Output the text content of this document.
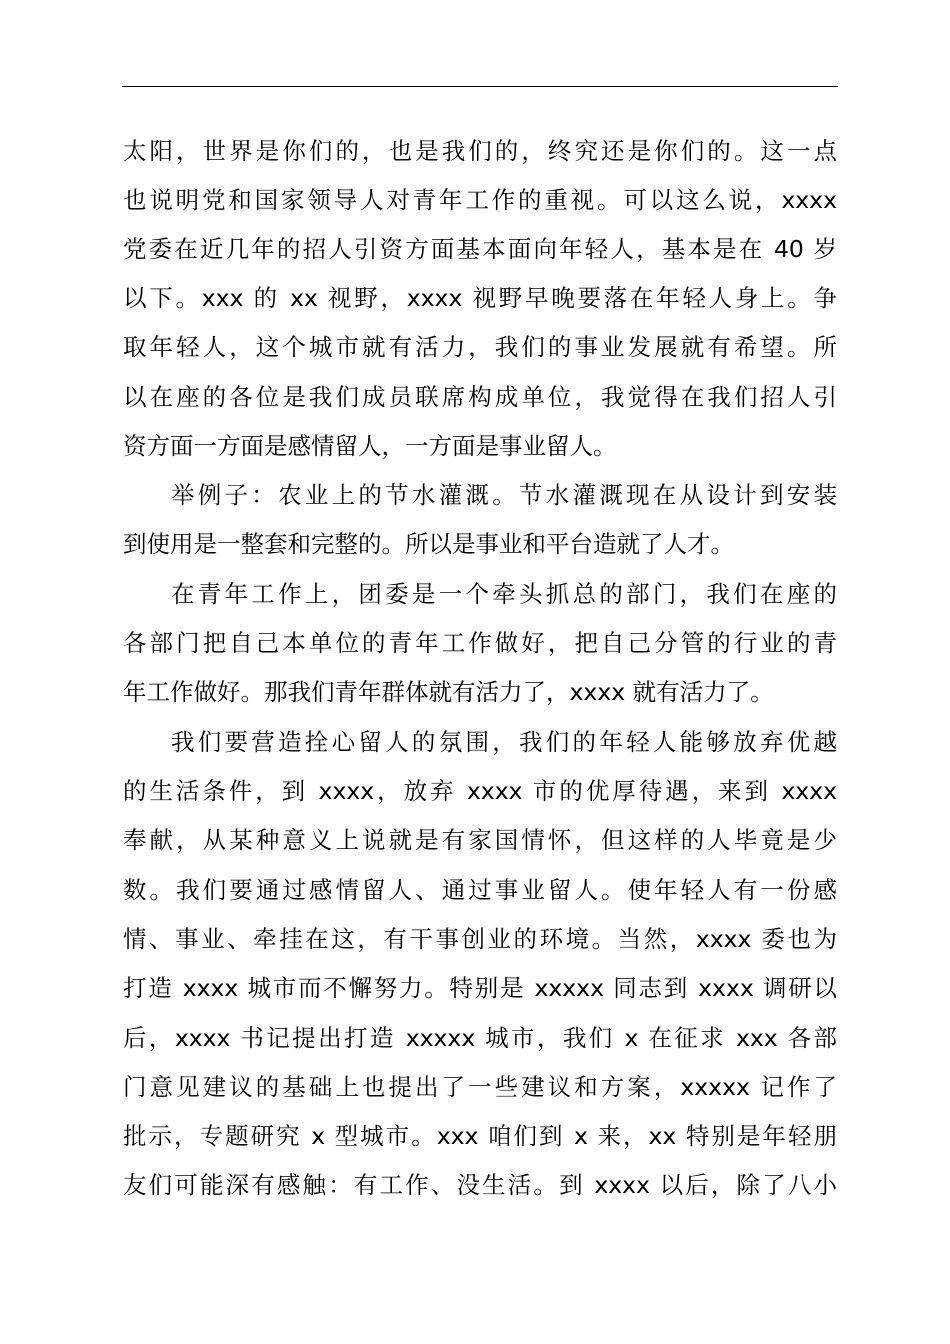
太阳，世界是你们的，也是我们的，终究还是你们的。这一点
也说明党和国家领导人对青年工作的重视。可以这么说，xxxx
党委在近几年的招人引资方面基本面向年轻人，基本是在 40 岁
以下。xxx 的 xx 视野，xxxx 视野早晚要落在年轻人身上。争
取年轻人，这个城市就有活力，我们的事业发展就有希望。所
以在座的各位是我们成员联席构成单位，我觉得在我们招人引
资方面一方面是感情留人，一方面是事业留人。
举例子：农业上的节水灌溉。节水灌溉现在从设计到安装
到使用是一整套和完整的。所以是事业和平台造就了人才。
在青年工作上，团委是一个牵头抓总的部门，我们在座的
各部门把自己本单位的青年工作做好，把自己分管的行业的青
年工作做好。那我们青年群体就有活力了，xxxx 就有活力了。
我们要营造拴心留人的氛围，我们的年轻人能够放弃优越
的生活条件，到 xxxx，放弃 xxxx 市的优厚待遇，来到 xxxx
奉献，从某种意义上说就是有家国情怀，但这样的人毕竟是少
数。我们要通过感情留人、通过事业留人。使年轻人有一份感
情、事业、牵挂在这，有干事创业的环境。当然，xxxx 委也为
打造 xxxx 城市而不懈努力。特别是 xxxxx 同志到 xxxx 调研以
后，xxxx 书记提出打造 xxxxx 城市，我们 x 在征求 xxx 各部
门意见建议的基础上也提出了一些建议和方案，xxxxx 记作了
批示，专题研究 x 型城市。xxx 咱们到 x 来，xx 特别是年轻朋
友们可能深有感触：有工作、没生活。到 xxxx 以后，除了八小
